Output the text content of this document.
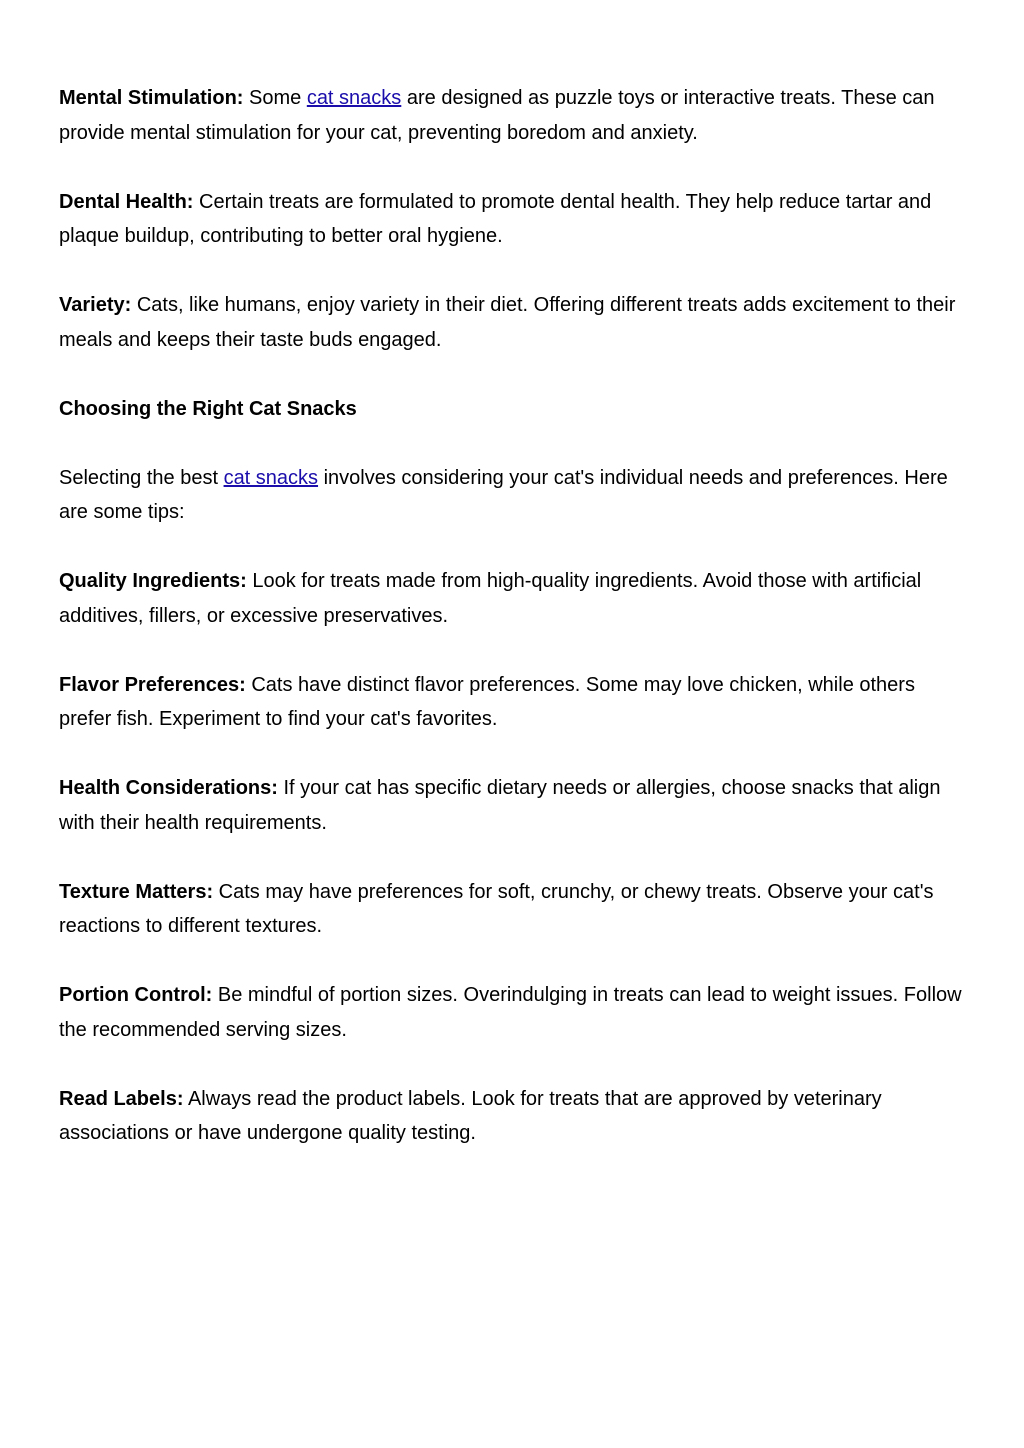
Mental Stimulation: Some cat snacks are designed as puzzle toys or interactive treats. These can provide mental stimulation for your cat, preventing boredom and anxiety.

Dental Health: Certain treats are formulated to promote dental health. They help reduce tartar and plaque buildup, contributing to better oral hygiene.

Variety: Cats, like humans, enjoy variety in their diet. Offering different treats adds excitement to their meals and keeps their taste buds engaged.

Choosing the Right Cat Snacks

Selecting the best cat snacks involves considering your cat's individual needs and preferences. Here are some tips:

Quality Ingredients: Look for treats made from high-quality ingredients. Avoid those with artificial additives, fillers, or excessive preservatives.

Flavor Preferences: Cats have distinct flavor preferences. Some may love chicken, while others prefer fish. Experiment to find your cat's favorites.

Health Considerations: If your cat has specific dietary needs or allergies, choose snacks that align with their health requirements.

Texture Matters: Cats may have preferences for soft, crunchy, or chewy treats. Observe your cat's reactions to different textures.

Portion Control: Be mindful of portion sizes. Overindulging in treats can lead to weight issues. Follow the recommended serving sizes.

Read Labels: Always read the product labels. Look for treats that are approved by veterinary associations or have undergone quality testing.
